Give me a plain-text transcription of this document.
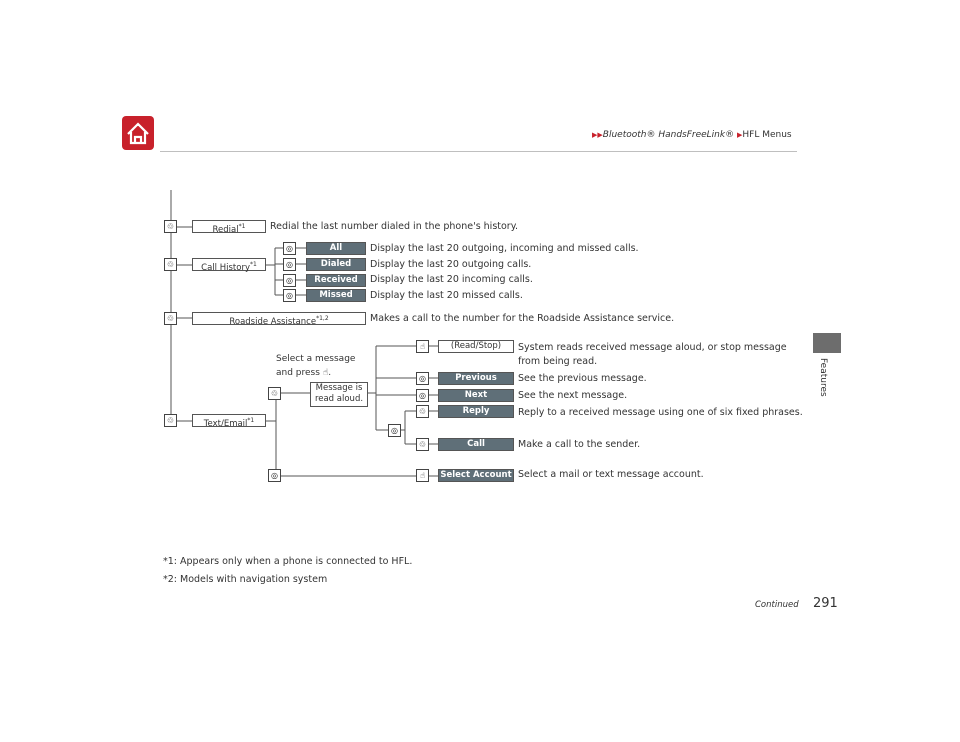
▶▶Bluetooth® HandsFreeLink® ▶HFL Menus
Features
♲
♲
♲
♲
Redial$^{*1}$	Redial the last number dialed in the phone's history.
Call History$^{*1}$
◎
◎
◎
◎
All
Dialed
Received
Missed
Display the last 20 outgoing, incoming and missed calls.
Display the last 20 outgoing calls.
Display the last 20 incoming calls.
Display the last 20 missed calls.
Roadside Assistance$^{*1,2}$	Makes a call to the number for the Roadside Assistance service.
Text/Email$^{*1}$
Select a message
and press ☝.
♲
Message is
read aloud.
◎
◎
☝
◎
◎
♲
♲
☝
(Read/Stop)
Previous
Next
Reply
Call
Select Account
System reads received message aloud, or stop message
from being read.
See the previous message.
See the next message.
Reply to a received message using one of six fixed phrases.
Make a call to the sender.
Select a mail or text message account.
*1: Appears only when a phone is connected to HFL.
*2: Models with navigation system
Continued 291
